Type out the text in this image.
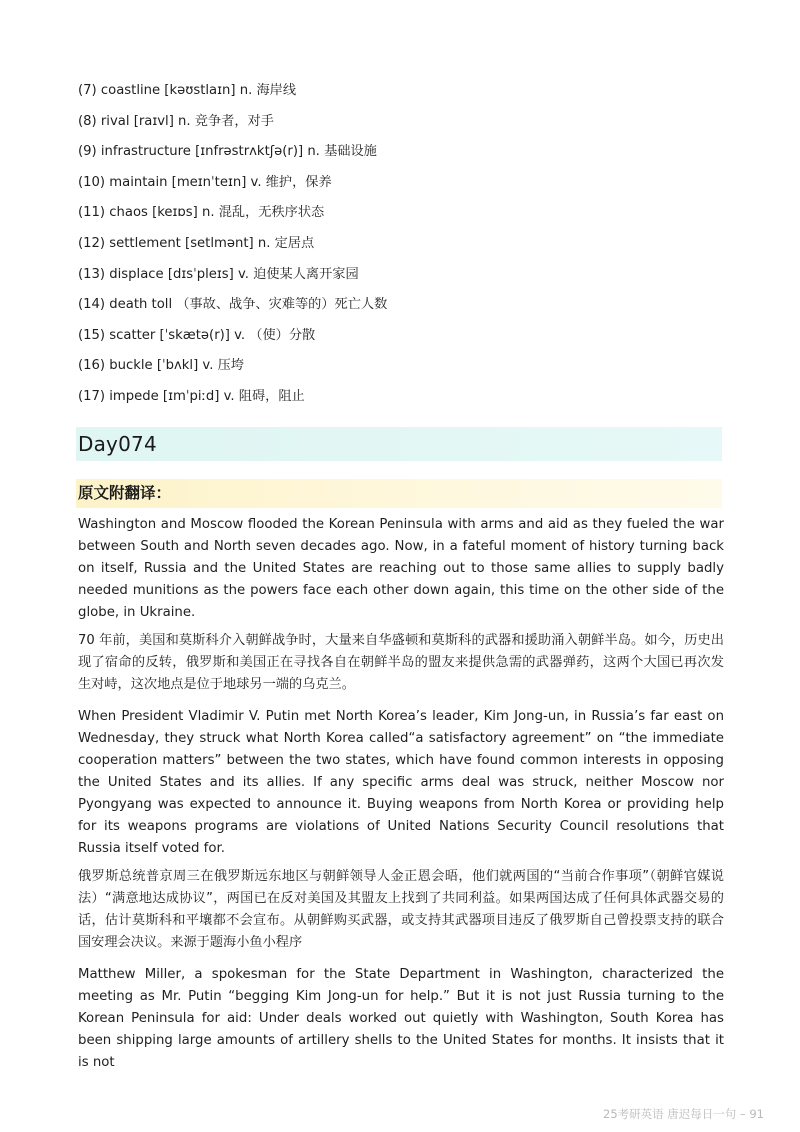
(7) coastline [kəʊstlaɪn] n. 海岸线
(8) rival [raɪvl] n. 竞争者，对手
(9) infrastructure [ɪnfrəstrʌktʃə(r)] n. 基础设施
(10) maintain [meɪnˈteɪn] v. 维护，保养
(11) chaos [keɪɒs] n. 混乱，无秩序状态
(12) settlement [setlmənt] n. 定居点
(13) displace [dɪsˈpleɪs] v. 迫使某人离开家园
(14) death toll （事故、战争、灾难等的）死亡人数
(15) scatter [ˈskætə(r)] v. （使）分散
(16) buckle [ˈbʌkl] v. 压垮
(17) impede [ɪmˈpiːd] v. 阻碍，阻止
Day074
原文附翻译：

Washington and Moscow flooded the Korean Peninsula with arms and aid as they fueled the war between South and North seven decades ago. Now, in a fateful moment of history turning back on itself, Russia and the United States are reaching out to those same allies to supply badly needed munitions as the powers face each other down again, this time on the other side of the globe, in Ukraine.

70 年前，美国和莫斯科介入朝鲜战争时，大量来自华盛顿和莫斯科的武器和援助涌入朝鲜半岛。如今，历史出现了宿命的反转，俄罗斯和美国正在寻找各自在朝鲜半岛的盟友来提供急需的武器弹药，这两个大国已再次发生对峙，这次地点是位于地球另一端的乌克兰。

When President Vladimir V. Putin met North Korea’s leader, Kim Jong-un, in Russia’s far east on Wednesday, they struck what North Korea called“a satisfactory agreement” on “the immediate cooperation matters” between the two states, which have found common interests in opposing the United States and its allies. If any specific arms deal was struck, neither Moscow nor Pyongyang was expected to announce it. Buying weapons from North Korea or providing help for its weapons programs are violations of United Nations Security Council resolutions that Russia itself voted for.

俄罗斯总统普京周三在俄罗斯远东地区与朝鲜领导人金正恩会晤，他们就两国的“当前合作事项”（朝鲜官媒说法）“满意地达成协议”，两国已在反对美国及其盟友上找到了共同利益。如果两国达成了任何具体武器交易的话，估计莫斯科和平壤都不会宣布。从朝鲜购买武器，或支持其武器项目违反了俄罗斯自己曾投票支持的联合国安理会决议。来源于题海小鱼小程序

Matthew Miller, a spokesman for the State Department in Washington, characterized the meeting as Mr. Putin “begging Kim Jong-un for help.” But it is not just Russia turning to the Korean Peninsula for aid: Under deals worked out quietly with Washington, South Korea has been shipping large amounts of artillery shells to the United States for months. It insists that it is not

25考研英语 唐迟每日一句 – 91
